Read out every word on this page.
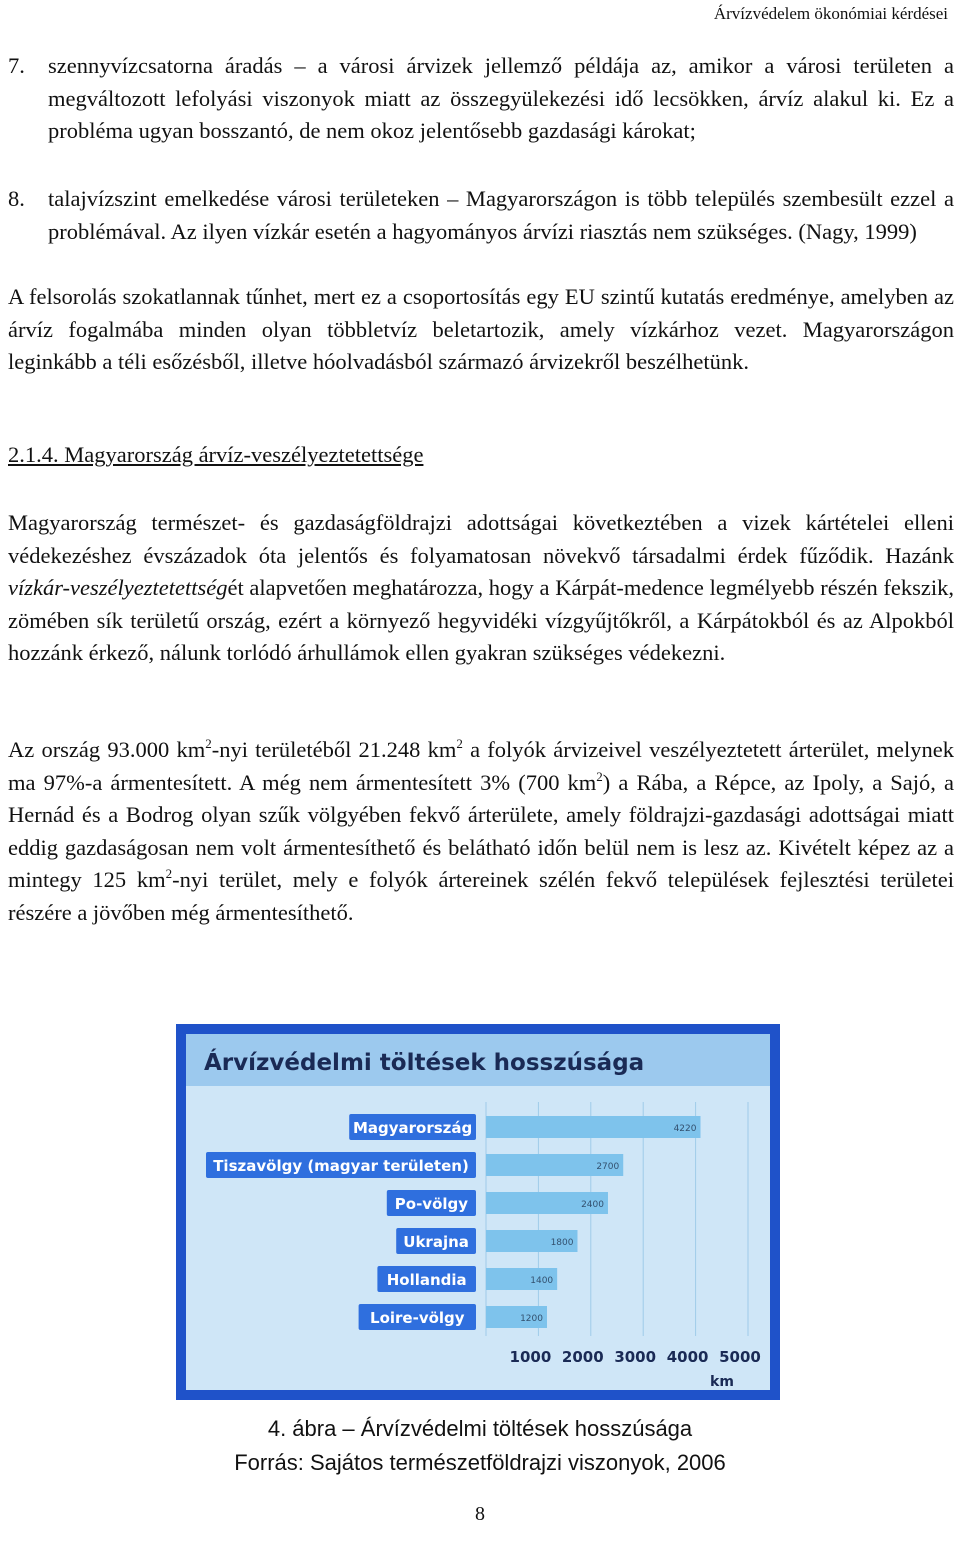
Árvízvédelem ökonómiai kérdései
7. szennyvízcsatorna áradás – a városi árvizek jellemző példája az, amikor a városi területen a megváltozott lefolyási viszonyok miatt az összegyülekezési idő lecsökken, árvíz alakul ki. Ez a probléma ugyan bosszantó, de nem okoz jelentősebb gazdasági károkat;
8. talajvízszint emelkedése városi területeken – Magyarországon is több település szembesült ezzel a problémával. Az ilyen vízkár esetén a hagyományos árvízi riasztás nem szükséges. (Nagy, 1999)

A felsorolás szokatlannak tűnhet, mert ez a csoportosítás egy EU szintű kutatás eredménye, amelyben az árvíz fogalmába minden olyan többletvíz beletartozik, amely vízkárhoz vezet. Magyarországon leginkább a téli esőzésből, illetve hóolvadásból származó árvizekről beszélhetünk.

2.1.4. Magyarország árvíz-veszélyeztetettsége

Magyarország természet- és gazdaságföldrajzi adottságai következtében a vizek kártételei elleni védekezéshez évszázadok óta jelentős és folyamatosan növekvő társadalmi érdek fűződik. Hazánk vízkár-veszélyeztetettségét alapvetően meghatározza, hogy a Kárpát-medence legmélyebb részén fekszik, zömében sík területű ország, ezért a környező hegyvidéki vízgyűjtőkről, a Kárpátokból és az Alpokból hozzánk érkező, nálunk torlódó árhullámok ellen gyakran szükséges védekezni.

Az ország 93.000 $km^2$-nyi területéből 21.248 $km^2$ a folyók árvizeivel veszélyeztetett árterület, melynek ma 97%-a ármentesített. A még nem ármentesített 3% (700 $km^2$) a Rába, a Répce, az Ipoly, a Sajó, a Hernád és a Bodrog olyan szűk völgyében fekvő árterülete, amely földrajzi-gazdasági adottságai miatt eddig gazdaságosan nem volt ármentesíthető és belátható időn belül nem is lesz az. Kivételt képez az a mintegy 125 $km^2$-nyi terület, mely e folyók ártereinek szélén fekvő települések fejlesztési területei részére a jövőben még ármentesíthető.

Árvízvédelmi töltések hosszúsága
Magyarország	4220
Tiszavölgy (magyar területen)	2700
Po-völgy	2400
Ukrajna	1800
Hollandia	1400
Loire-völgy	1200
1000 2000 3000 4000 5000
km
4. ábra – Árvízvédelmi töltések hosszúsága
Forrás: Sajátos természetföldrajzi viszonyok, 2006
8
